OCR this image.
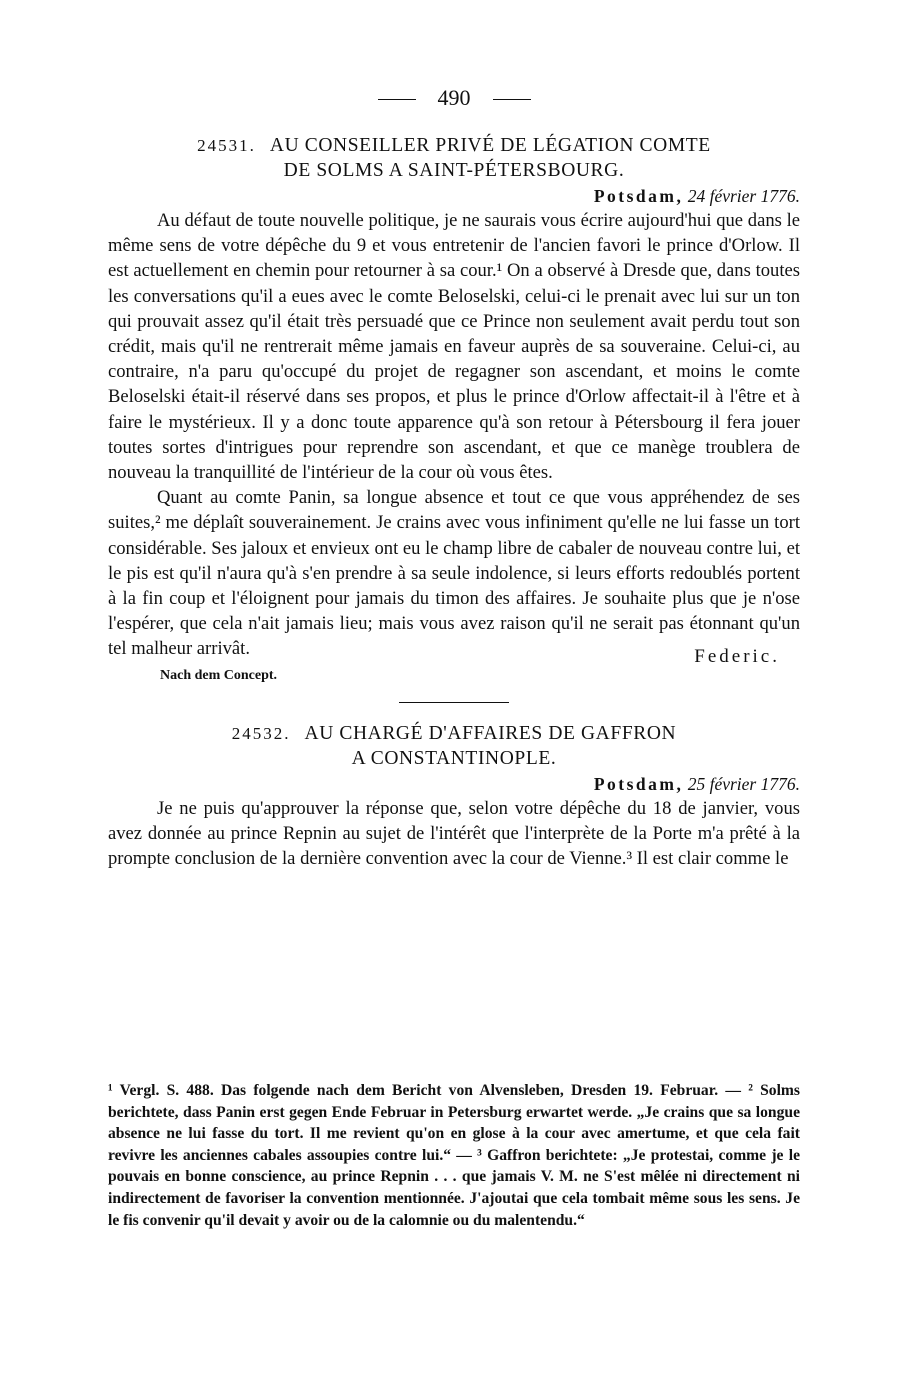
490
24531. AU CONSEILLER PRIVÉ DE LÉGATION COMTE
DE SOLMS A SAINT-PÉTERSBOURG.
Potsdam, 24 février 1776.

Au défaut de toute nouvelle politique, je ne saurais vous écrire aujourd'hui que dans le même sens de votre dépêche du 9 et vous entretenir de l'ancien favori le prince d'Orlow. Il est actuellement en chemin pour retourner à sa cour.¹ On a observé à Dresde que, dans toutes les conversations qu'il a eues avec le comte Beloselski, celui-ci le prenait avec lui sur un ton qui prouvait assez qu'il était très persuadé que ce Prince non seulement avait perdu tout son crédit, mais qu'il ne rentrerait même jamais en faveur auprès de sa souveraine. Celui-ci, au contraire, n'a paru qu'occupé du projet de regagner son ascendant, et moins le comte Beloselski était-il réservé dans ses propos, et plus le prince d'Orlow affectait-il à l'être et à faire le mystérieux. Il y a donc toute apparence qu'à son retour à Pétersbourg il fera jouer toutes sortes d'intrigues pour reprendre son ascendant, et que ce manège troublera de nouveau la tranquillité de l'intérieur de la cour où vous êtes.

Quant au comte Panin, sa longue absence et tout ce que vous appréhendez de ses suites,² me déplaît souverainement. Je crains avec vous infiniment qu'elle ne lui fasse un tort considérable. Ses jaloux et envieux ont eu le champ libre de cabaler de nouveau contre lui, et le pis est qu'il n'aura qu'à s'en prendre à sa seule indolence, si leurs efforts redoublés portent à la fin coup et l'éloignent pour jamais du timon des affaires. Je souhaite plus que je n'ose l'espérer, que cela n'ait jamais lieu; mais vous avez raison qu'il ne serait pas étonnant qu'un tel malheur arrivât.

Nach dem Concept.
Federic.
24532. AU CHARGÉ D'AFFAIRES DE GAFFRON
A CONSTANTINOPLE.
Potsdam, 25 février 1776.

Je ne puis qu'approuver la réponse que, selon votre dépêche du 18 de janvier, vous avez donnée au prince Repnin au sujet de l'intérêt que l'interprète de la Porte m'a prêté à la prompte conclusion de la dernière convention avec la cour de Vienne.³ Il est clair comme le

¹ Vergl. S. 488. Das folgende nach dem Bericht von Alvensleben, Dresden 19. Februar. — ² Solms berichtete, dass Panin erst gegen Ende Februar in Petersburg erwartet werde. „Je crains que sa longue absence ne lui fasse du tort. Il me revient qu'on en glose à la cour avec amertume, et que cela fait revivre les anciennes cabales assoupies contre lui.“ — ³ Gaffron berichtete: „Je protestai, comme je le pouvais en bonne conscience, au prince Repnin . . . que jamais V. M. ne S'est mêlée ni directement ni indirectement de favoriser la convention mentionnée. J'ajoutai que cela tombait même sous les sens. Je le fis convenir qu'il devait y avoir ou de la calomnie ou du malentendu.“
